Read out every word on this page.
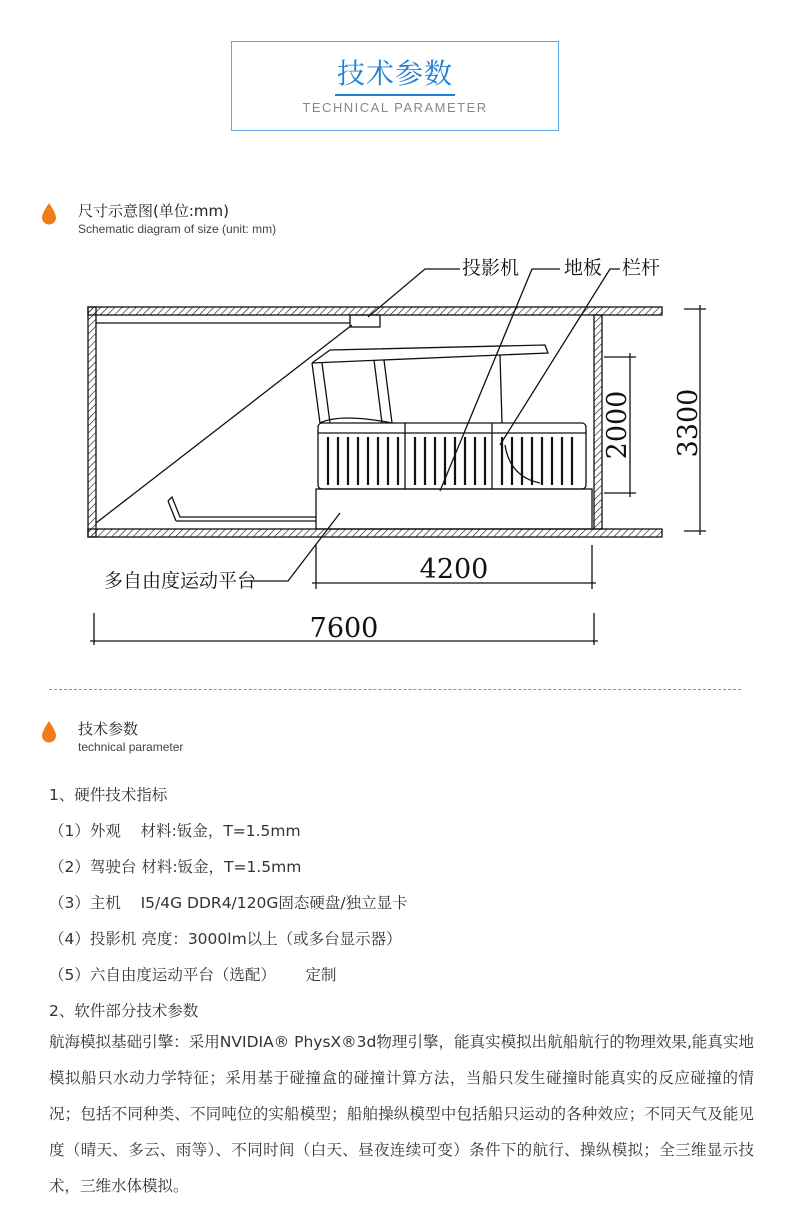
技术参数
TECHNICAL PARAMETER
尺寸示意图(单位:mm)
Schematic diagram of size (unit: mm)
投影机 地板 栏杆
多自由度运动平台
3300
2000
4200
7600
技术参数
technical parameter
1、硬件技术指标
（1）外观 材料:钣金，T=1.5mm
（2）驾驶台 材料:钣金，T=1.5mm
（3）主机 I5/4G DDR4/120G固态硬盘/独立显卡
（4）投影机 亮度：3000lm以上（或多台显示器）
（5）六自由度运动平台（选配） 定制
2、软件部分技术参数
航海模拟基础引擎：采用NVIDIA® PhysX®3d物理引擎，能真实模拟出航船航行的物理效果,能真实地模拟船只水动力学特征；采用基于碰撞盒的碰撞计算方法，当船只发生碰撞时能真实的反应碰撞的情况；包括不同种类、不同吨位的实船模型；船舶操纵模型中包括船只运动的各种效应；不同天气及能见度（晴天、多云、雨等）、不同时间（白天、昼夜连续可变）条件下的航行、操纵模拟；全三维显示技术，三维水体模拟。
